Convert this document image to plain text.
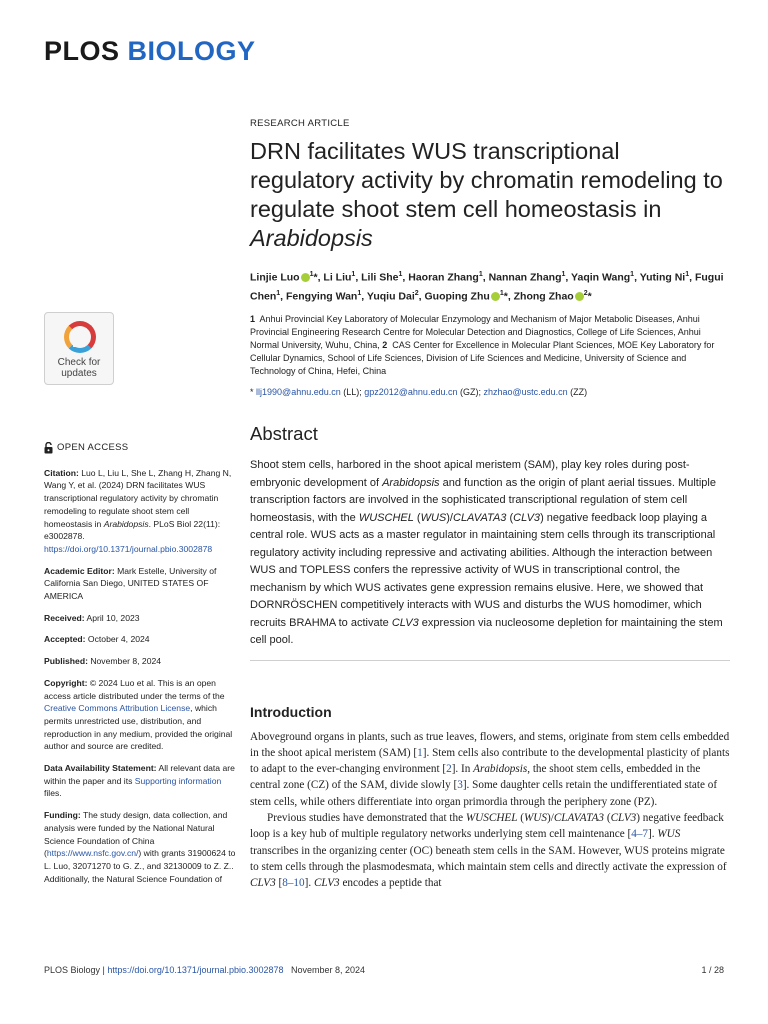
PLOS BIOLOGY
Check for
updates
OPEN ACCESS
Citation: Luo L, Liu L, She L, Zhang H, Zhang N, Wang Y, et al. (2024) DRN facilitates WUS transcriptional regulatory activity by chromatin remodeling to regulate shoot stem cell homeostasis in Arabidopsis. PLoS Biol 22(11): e3002878. https://doi.org/10.1371/journal.pbio.3002878
Academic Editor: Mark Estelle, University of California San Diego, UNITED STATES OF AMERICA
Received: April 10, 2023
Accepted: October 4, 2024
Published: November 8, 2024
Copyright: © 2024 Luo et al. This is an open access article distributed under the terms of the Creative Commons Attribution License, which permits unrestricted use, distribution, and reproduction in any medium, provided the original author and source are credited.
Data Availability Statement: All relevant data are within the paper and its Supporting information files.
Funding: The study design, data collection, and analysis were funded by the National Natural Science Foundation of China (https://www.nsfc.gov.cn/) with grants 31900624 to L. Luo, 32071270 to G. Z., and 32130009 to Z. Z.. Additionally, the Natural Science Foundation of
RESEARCH ARTICLE
DRN facilitates WUS transcriptional regulatory activity by chromatin remodeling to regulate shoot stem cell homeostasis in Arabidopsis
Linjie Luo $^1$*, Li Liu$^1$, Lili She$^1$, Haoran Zhang$^1$, Nannan Zhang$^1$, Yaqin Wang$^1$, Yuting Ni$^1$, Fugui Chen$^1$, Fengying Wan$^1$, Yuqiu Dai$^2$, Guoping Zhu $^1$*, Zhong Zhao $^2$*
1 Anhui Provincial Key Laboratory of Molecular Enzymology and Mechanism of Major Metabolic Diseases, Anhui Provincial Engineering Research Centre for Molecular Detection and Diagnostics, College of Life Sciences, Anhui Normal University, Wuhu, China, 2 CAS Center for Excellence in Molecular Plant Sciences, MOE Key Laboratory for Cellular Dynamics, School of Life Sciences, Division of Life Sciences and Medicine, University of Science and Technology of China, Hefei, China
* llj1990@ahnu.edu.cn (LL); gpz2012@ahnu.edu.cn (GZ); zhzhao@ustc.edu.cn (ZZ)
Abstract
Shoot stem cells, harbored in the shoot apical meristem (SAM), play key roles during post-embryonic development of Arabidopsis and function as the origin of plant aerial tissues. Multiple transcription factors are involved in the sophisticated transcriptional regulation of stem cell homeostasis, with the WUSCHEL (WUS)/CLAVATA3 (CLV3) negative feedback loop playing a central role. WUS acts as a master regulator in maintaining stem cells through its transcriptional regulatory activity including repressive and activating abilities. Although the interaction between WUS and TOPLESS confers the repressive activity of WUS in transcriptional control, the mechanism by which WUS activates gene expression remains elusive. Here, we showed that DORNRÖSCHEN competitively interacts with WUS and disturbs the WUS homodimer, which recruits BRAHMA to activate CLV3 expression via nucleosome depletion for maintaining the stem cell pool.
Introduction

Aboveground organs in plants, such as true leaves, flowers, and stems, originate from stem cells embedded in the shoot apical meristem (SAM) [1]. Stem cells also contribute to the developmental plasticity of plants to adapt to the ever-changing environment [2]. In Arabidopsis, the shoot stem cells, embedded in the central zone (CZ) of the SAM, divide slowly [3]. Some daughter cells retain the undifferentiated state of stem cells, while others differentiate into organ primordia through the periphery zone (PZ).

Previous studies have demonstrated that the WUSCHEL (WUS)/CLAVATA3 (CLV3) negative feedback loop is a key hub of multiple regulatory networks underlying stem cell maintenance [4–7]. WUS transcribes in the organizing center (OC) beneath stem cells in the SAM. However, WUS proteins migrate to stem cells through the plasmodesmata, which maintain stem cells and directly activate the expression of CLV3 [8–10]. CLV3 encodes a peptide that

PLOS Biology | https://doi.org/10.1371/journal.pbio.3002878   November 8, 2024	1 / 28
